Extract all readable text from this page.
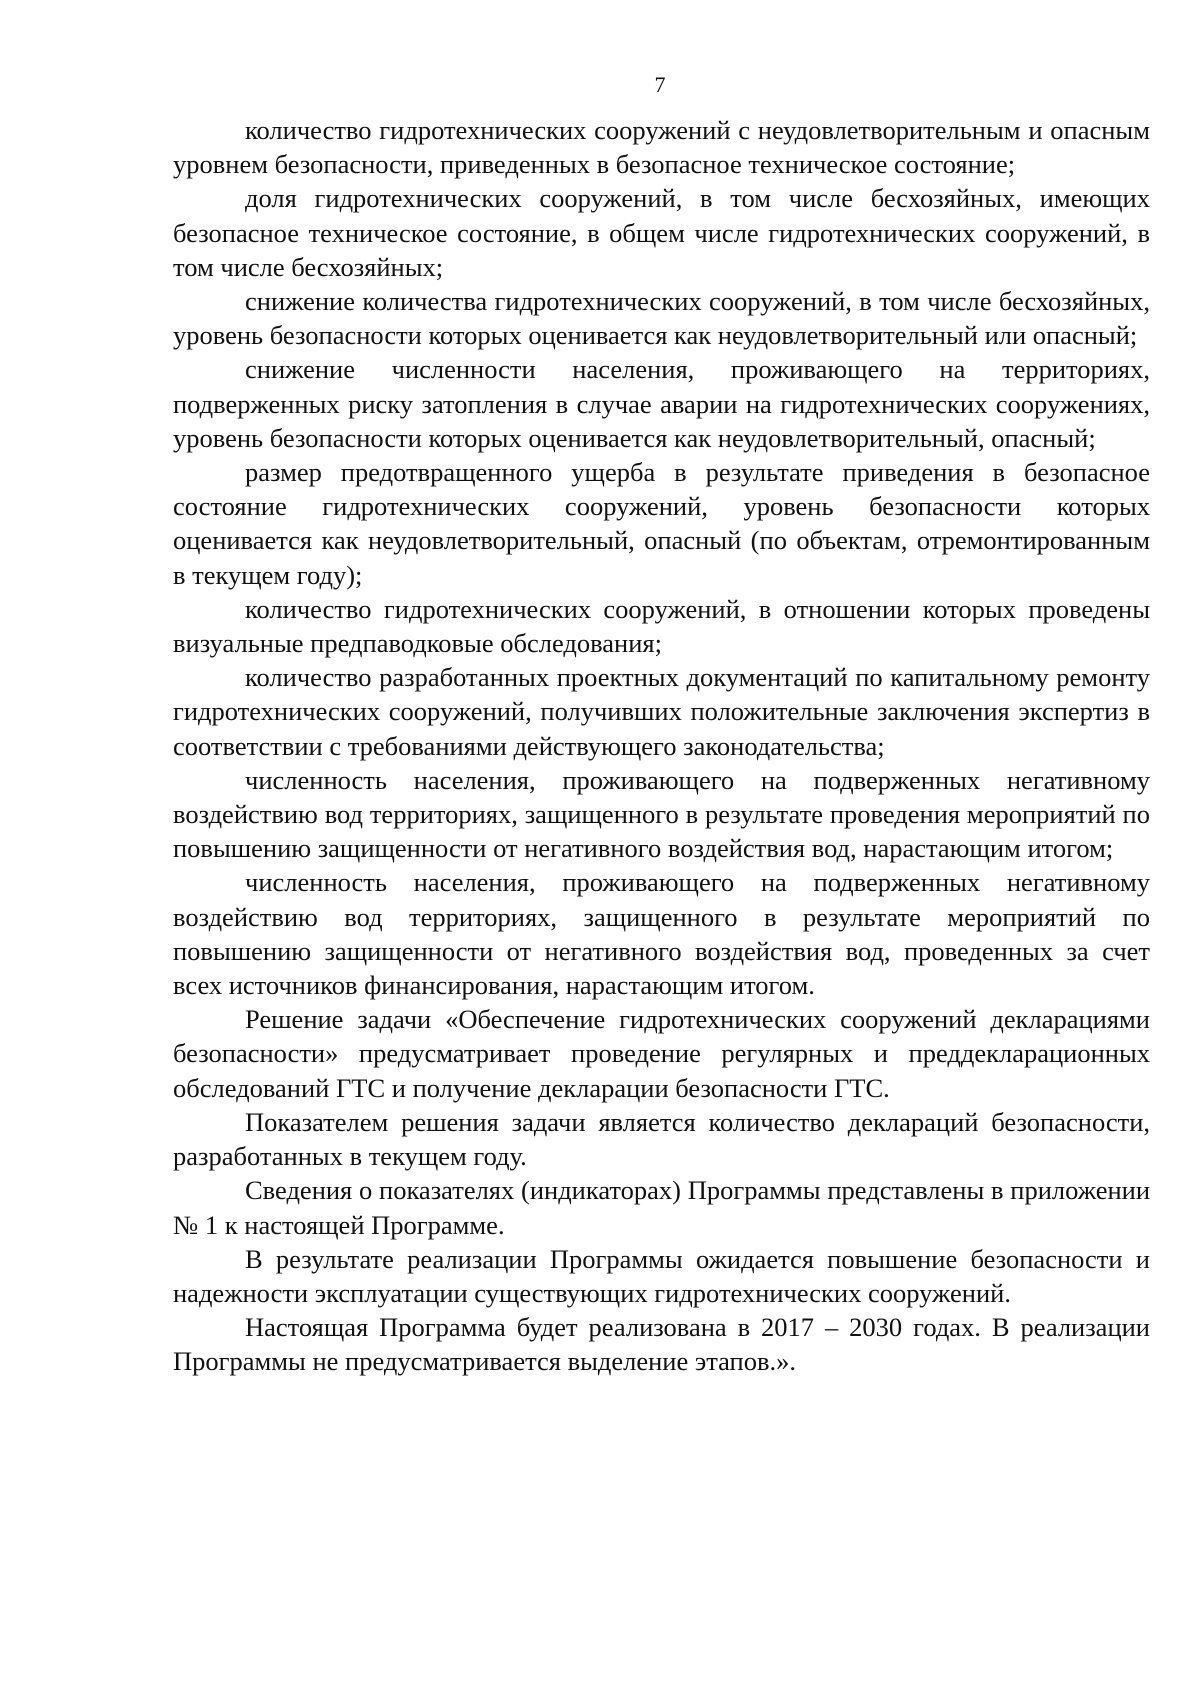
7

количество гидротехнических сооружений с неудовлетворительным и опасным уровнем безопасности, приведенных в безопасное техническое состояние;

доля гидротехнических сооружений, в том числе бесхозяйных, имеющих безопасное техническое состояние, в общем числе гидротехнических сооружений, в том числе бесхозяйных;

снижение количества гидротехнических сооружений, в том числе бесхозяйных, уровень безопасности которых оценивается как неудовлетворительный или опасный;

снижение численности населения, проживающего на территориях, подверженных риску затопления в случае аварии на гидротехнических сооружениях, уровень безопасности которых оценивается как неудовлетворительный, опасный;

размер предотвращенного ущерба в результате приведения в безопасное состояние гидротехнических сооружений, уровень безопасности которых оценивается как неудовлетворительный, опасный (по объектам, отремонтированным в текущем году);

количество гидротехнических сооружений, в отношении которых проведены визуальные предпаводковые обследования;

количество разработанных проектных документаций по капитальному ремонту гидротехнических сооружений, получивших положительные заключения экспертиз в соответствии с требованиями действующего законодательства;

численность населения, проживающего на подверженных негативному воздействию вод территориях, защищенного в результате проведения мероприятий по повышению защищенности от негативного воздействия вод, нарастающим итогом;

численность населения, проживающего на подверженных негативному воздействию вод территориях, защищенного в результате мероприятий по повышению защищенности от негативного воздействия вод, проведенных за счет всех источников финансирования, нарастающим итогом.

Решение задачи «Обеспечение гидротехнических сооружений декларациями безопасности» предусматривает проведение регулярных и преддекларационных обследований ГТС и получение декларации безопасности ГТС.

Показателем решения задачи является количество деклараций безопасности, разработанных в текущем году.

Сведения о показателях (индикаторах) Программы представлены в приложении № 1 к настоящей Программе.

В результате реализации Программы ожидается повышение безопасности и надежности эксплуатации существующих гидротехнических сооружений.

Настоящая Программа будет реализована в 2017 – 2030 годах. В реализации Программы не предусматривается выделение этапов.».
